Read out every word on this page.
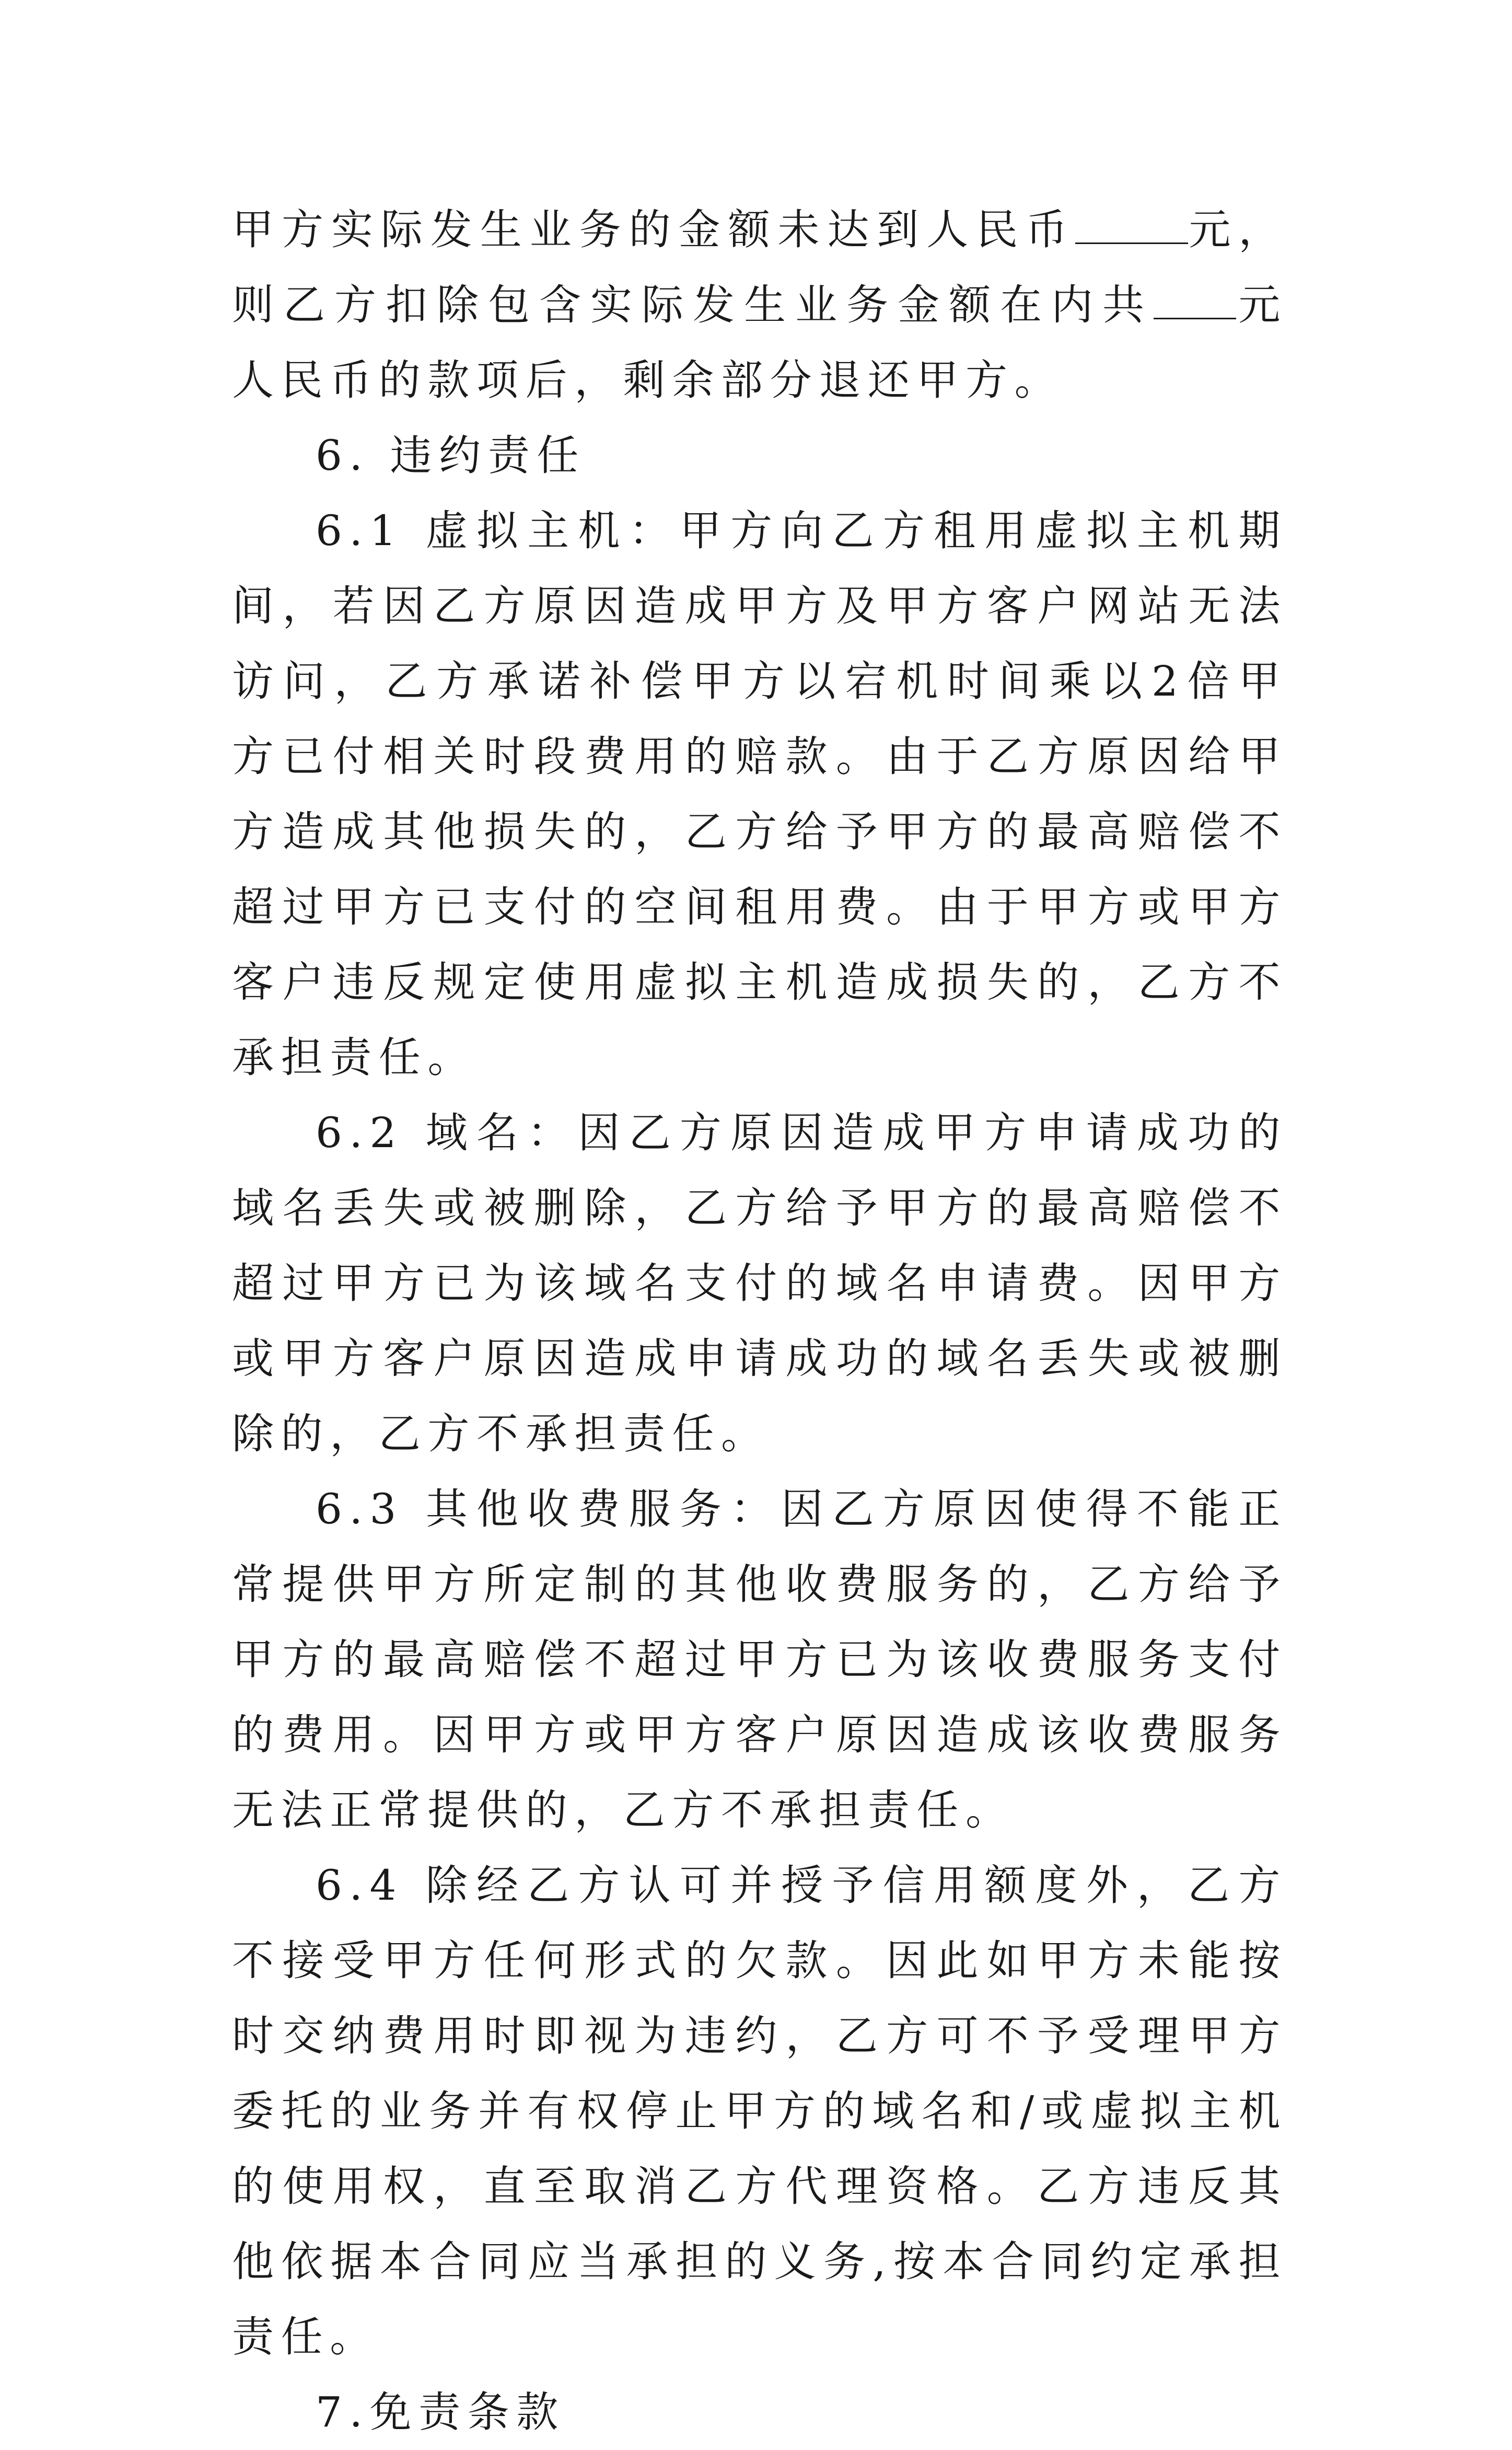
甲方实际发生业务的金额未达到人民币	元，则乙方扣除包含实际发生业务金额在内共 元人民币的款项后，剩余部分退还甲方。

6. 违约责任

6.1 虚拟主机：甲方向乙方租用虚拟主机期间，若因乙方原因造成甲方及甲方客户网站无法访问，乙方承诺补偿甲方以宕机时间乘以2倍甲方已付相关时段费用的赔款。由于乙方原因给甲方造成其他损失的，乙方给予甲方的最高赔偿不超过甲方已支付的空间租用费。由于甲方或甲方客户违反规定使用虚拟主机造成损失的，乙方不承担责任。

6.2 域名：因乙方原因造成甲方申请成功的域名丢失或被删除，乙方给予甲方的最高赔偿不超过甲方已为该域名支付的域名申请费。因甲方或甲方客户原因造成申请成功的域名丢失或被删除的，乙方不承担责任。

6.3 其他收费服务：因乙方原因使得不能正常提供甲方所定制的其他收费服务的，乙方给予甲方的最高赔偿不超过甲方已为该收费服务支付的费用。因甲方或甲方客户原因造成该收费服务无法正常提供的，乙方不承担责任。

6.4 除经乙方认可并授予信用额度外，乙方不接受甲方任何形式的欠款。因此如甲方未能按时交纳费用时即视为违约，乙方可不予受理甲方委托的业务并有权停止甲方的域名和/或虚拟主机的使用权，直至取消乙方代理资格。乙方违反其他依据本合同应当承担的义务,按本合同约定承担责任。

7.免责条款
